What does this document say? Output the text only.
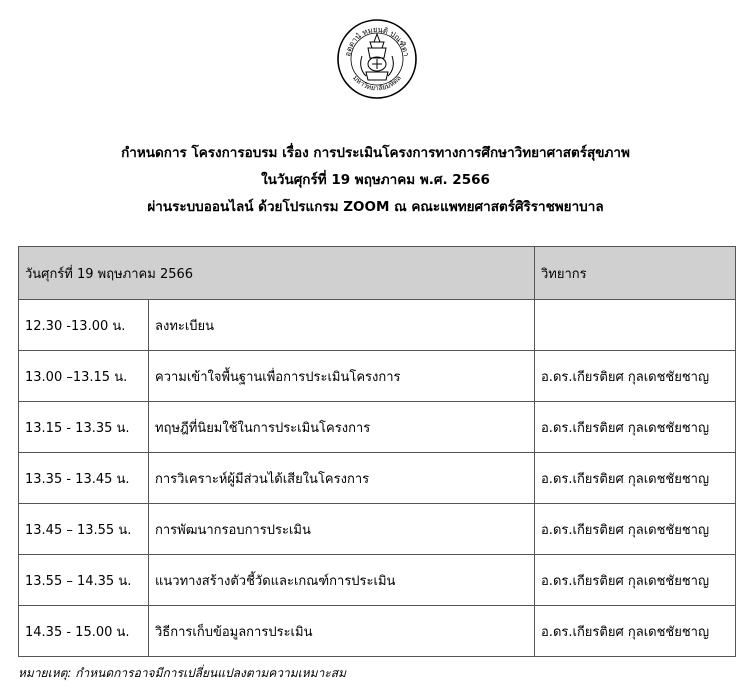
อตฺตานํ ทมยนฺติ ปณฺฑิตา
มหาวิทยาลัยมหิดล
กำหนดการ โครงการอบรม เรื่อง การประเมินโครงการทางการศึกษาวิทยาศาสตร์สุขภาพ
ในวันศุกร์ที่ 19 พฤษภาคม พ.ศ. 2566
ผ่านระบบออนไลน์ ด้วยโปรแกรม ZOOM ณ คณะแพทยศาสตร์ศิริราชพยาบาล
วันศุกร์ที่ 19 พฤษภาคม 2566		วิทยากร
12.30 -13.00 น.	ลงทะเบียน	
13.00 –13.15 น.	ความเข้าใจพื้นฐานเพื่อการประเมินโครงการ	อ.ดร.เกียรติยศ กุลเดชชัยชาญ
13.15 - 13.35 น.	ทฤษฎีที่นิยมใช้ในการประเมินโครงการ	อ.ดร.เกียรติยศ กุลเดชชัยชาญ
13.35 - 13.45 น.	การวิเคราะห์ผู้มีส่วนได้เสียในโครงการ	อ.ดร.เกียรติยศ กุลเดชชัยชาญ
13.45 – 13.55 น.	การพัฒนากรอบการประเมิน	อ.ดร.เกียรติยศ กุลเดชชัยชาญ
13.55 – 14.35 น.	แนวทางสร้างตัวชี้วัดและเกณฑ์การประเมิน	อ.ดร.เกียรติยศ กุลเดชชัยชาญ
14.35 - 15.00 น.	วิธีการเก็บข้อมูลการประเมิน	อ.ดร.เกียรติยศ กุลเดชชัยชาญ
หมายเหตุ: กำหนดการอาจมีการเปลี่ยนแปลงตามความเหมาะสม
